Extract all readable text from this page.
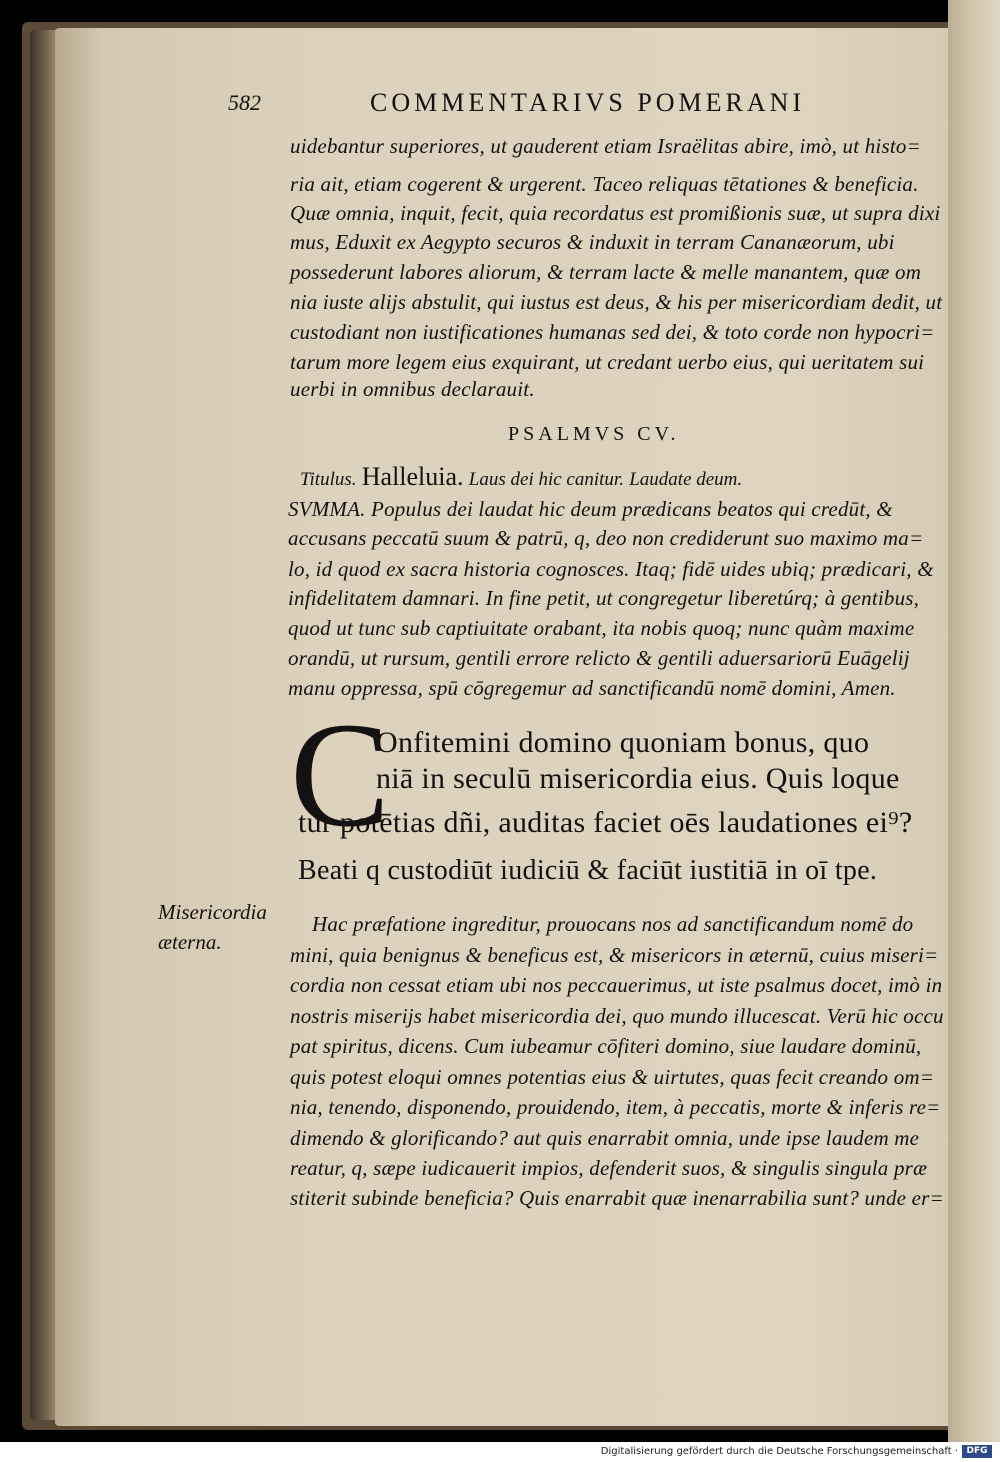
582	COMMENTARIVS POMERANI
uidebantur superiores, ut gauderent etiam Israëlitas abire, imò, ut histo=
ria ait, etiam cogerent & urgerent. Taceo reliquas tētationes & beneficia.
Quæ omnia, inquit, fecit, quia recordatus est promißionis suæ, ut supra dixi
mus, Eduxit ex Aegypto securos & induxit in terram Cananæorum, ubi
possederunt labores aliorum, & terram lacte & melle manantem, quæ om
nia iuste alijs abstulit, qui iustus est deus, & his per misericordiam dedit, ut
custodiant non iustificationes humanas sed dei, & toto corde non hypocri=
tarum more legem eius exquirant, ut credant uerbo eius, qui ueritatem sui
uerbi in omnibus declarauit.
PSALMVS CV.
Titulus. Halleluia. Laus dei hic canitur. Laudate deum.
SVMMA. Populus dei laudat hic deum prædicans beatos qui credūt, &
accusans peccatū suum & patrū, q, deo non crediderunt suo maximo ma=
lo, id quod ex sacra historia cognosces. Itaq; fidē uides ubiq; prædicari, &
infidelitatem damnari. In fine petit, ut congregetur liberetúrq; à gentibus,
quod ut tunc sub captiuitate orabant, ita nobis quoq; nunc quàm maxime
orandū, ut rursum, gentili errore relicto & gentili aduersariorū Euāgelij
manu oppressa, spū cōgregemur ad sanctificandū nomē domini, Amen.
C
Onfitemini domino quoniam bonus, quo
niā in seculū misericordia eius. Quis loque
tur potētias dñi, auditas faciet oēs laudationes ei⁹?
Beati q custodiūt iudiciū & faciūt iustitiā in oī tpe.
Misericordia
æterna.
Hac præfatione ingreditur, prouocans nos ad sanctificandum nomē do
mini, quia benignus & beneficus est, & misericors in æternū, cuius miseri=
cordia non cessat etiam ubi nos peccauerimus, ut iste psalmus docet, imò in
nostris miserijs habet misericordia dei, quo mundo illucescat. Verū hic occu
pat spiritus, dicens. Cum iubeamur cōfiteri domino, siue laudare dominū,
quis potest eloqui omnes potentias eius & uirtutes, quas fecit creando om=
nia, tenendo, disponendo, prouidendo, item, à peccatis, morte & inferis re=
dimendo & glorificando? aut quis enarrabit omnia, unde ipse laudem me
reatur, q, sæpe iudicauerit impios, defenderit suos, & singulis singula præ
stiterit subinde beneficia? Quis enarrabit quæ inenarrabilia sunt? unde er=
Digitalisierung gefördert durch die Deutsche Forschungsgemeinschaft · DFG
